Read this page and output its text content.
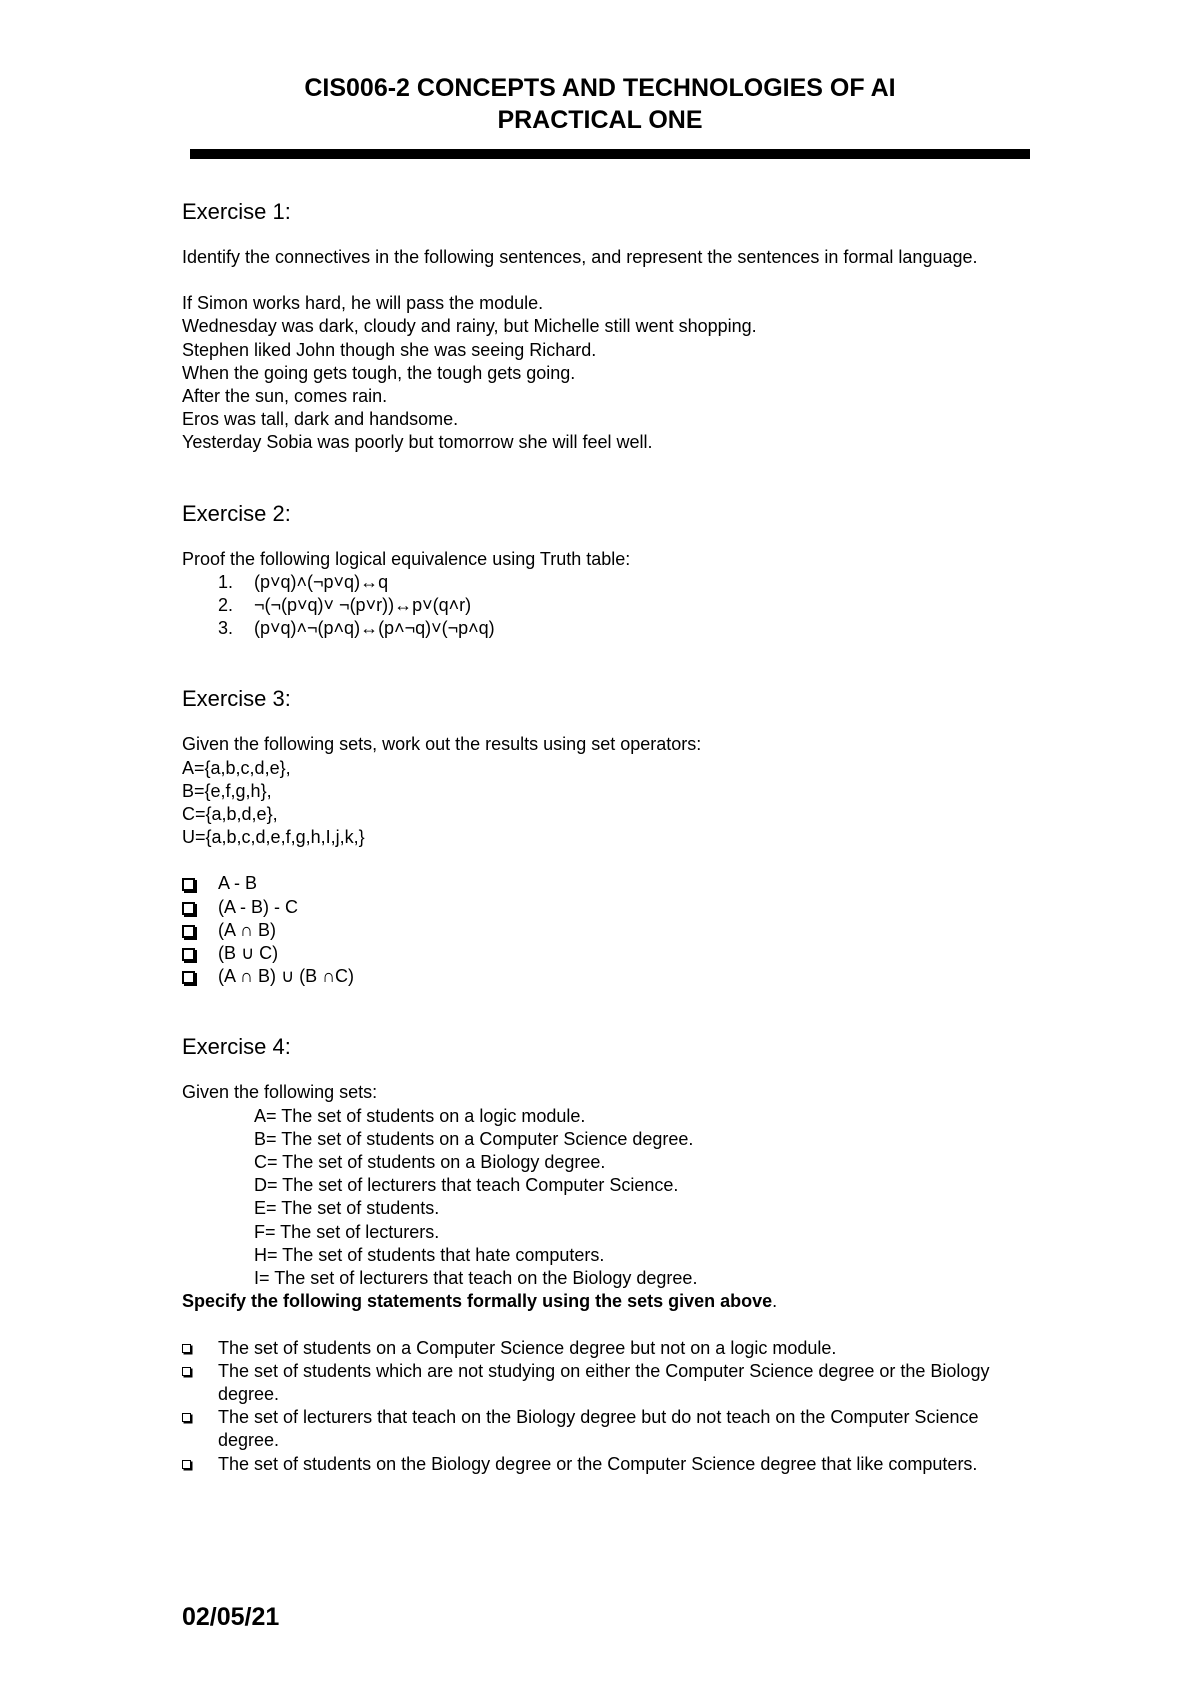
CIS006-2 CONCEPTS AND TECHNOLOGIES OF AI
PRACTICAL ONE
Exercise 1:

Identify the connectives in the following sentences, and represent the sentences in formal language.

If Simon works hard, he will pass the module.
Wednesday was dark, cloudy and rainy, but Michelle still went shopping.
Stephen liked John though she was seeing Richard.
When the going gets tough, the tough gets going.
After the sun, comes rain.
Eros was tall, dark and handsome.
Yesterday Sobia was poorly but tomorrow she will feel well.
Exercise 2:

Proof the following logical equivalence using Truth table:

1. (p˅q)˄(¬p˅q)↔q
2. ¬(¬(p˅q)˅ ¬(p˅r))↔p˅(q˄r)
3. (p˅q)˄¬(p˄q)↔(p˄¬q)˅(¬p˄q)
Exercise 3:

Given the following sets, work out the results using set operators:

A={a,b,c,d,e},
B={e,f,g,h},
C={a,b,d,e},
U={a,b,c,d,e,f,g,h,I,j,k,}
A - B
(A - B) - C
(A ∩ B)
(B ∪ C)
(A ∩ B) ∪ (B ∩C)
Exercise 4:

Given the following sets:

A= The set of students on a logic module.
B= The set of students on a Computer Science degree.
C= The set of students on a Biology degree.
D= The set of lecturers that teach Computer Science.
E= The set of students.
F= The set of lecturers.
H= The set of students that hate computers.
I= The set of lecturers that teach on the Biology degree.

Specify the following statements formally using the sets given above.

The set of students on a Computer Science degree but not on a logic module.
The set of students which are not studying on either the Computer Science degree or the Biology degree.
The set of lecturers that teach on the Biology degree but do not teach on the Computer Science degree.
The set of students on the Biology degree or the Computer Science degree that like computers.
02/05/21
